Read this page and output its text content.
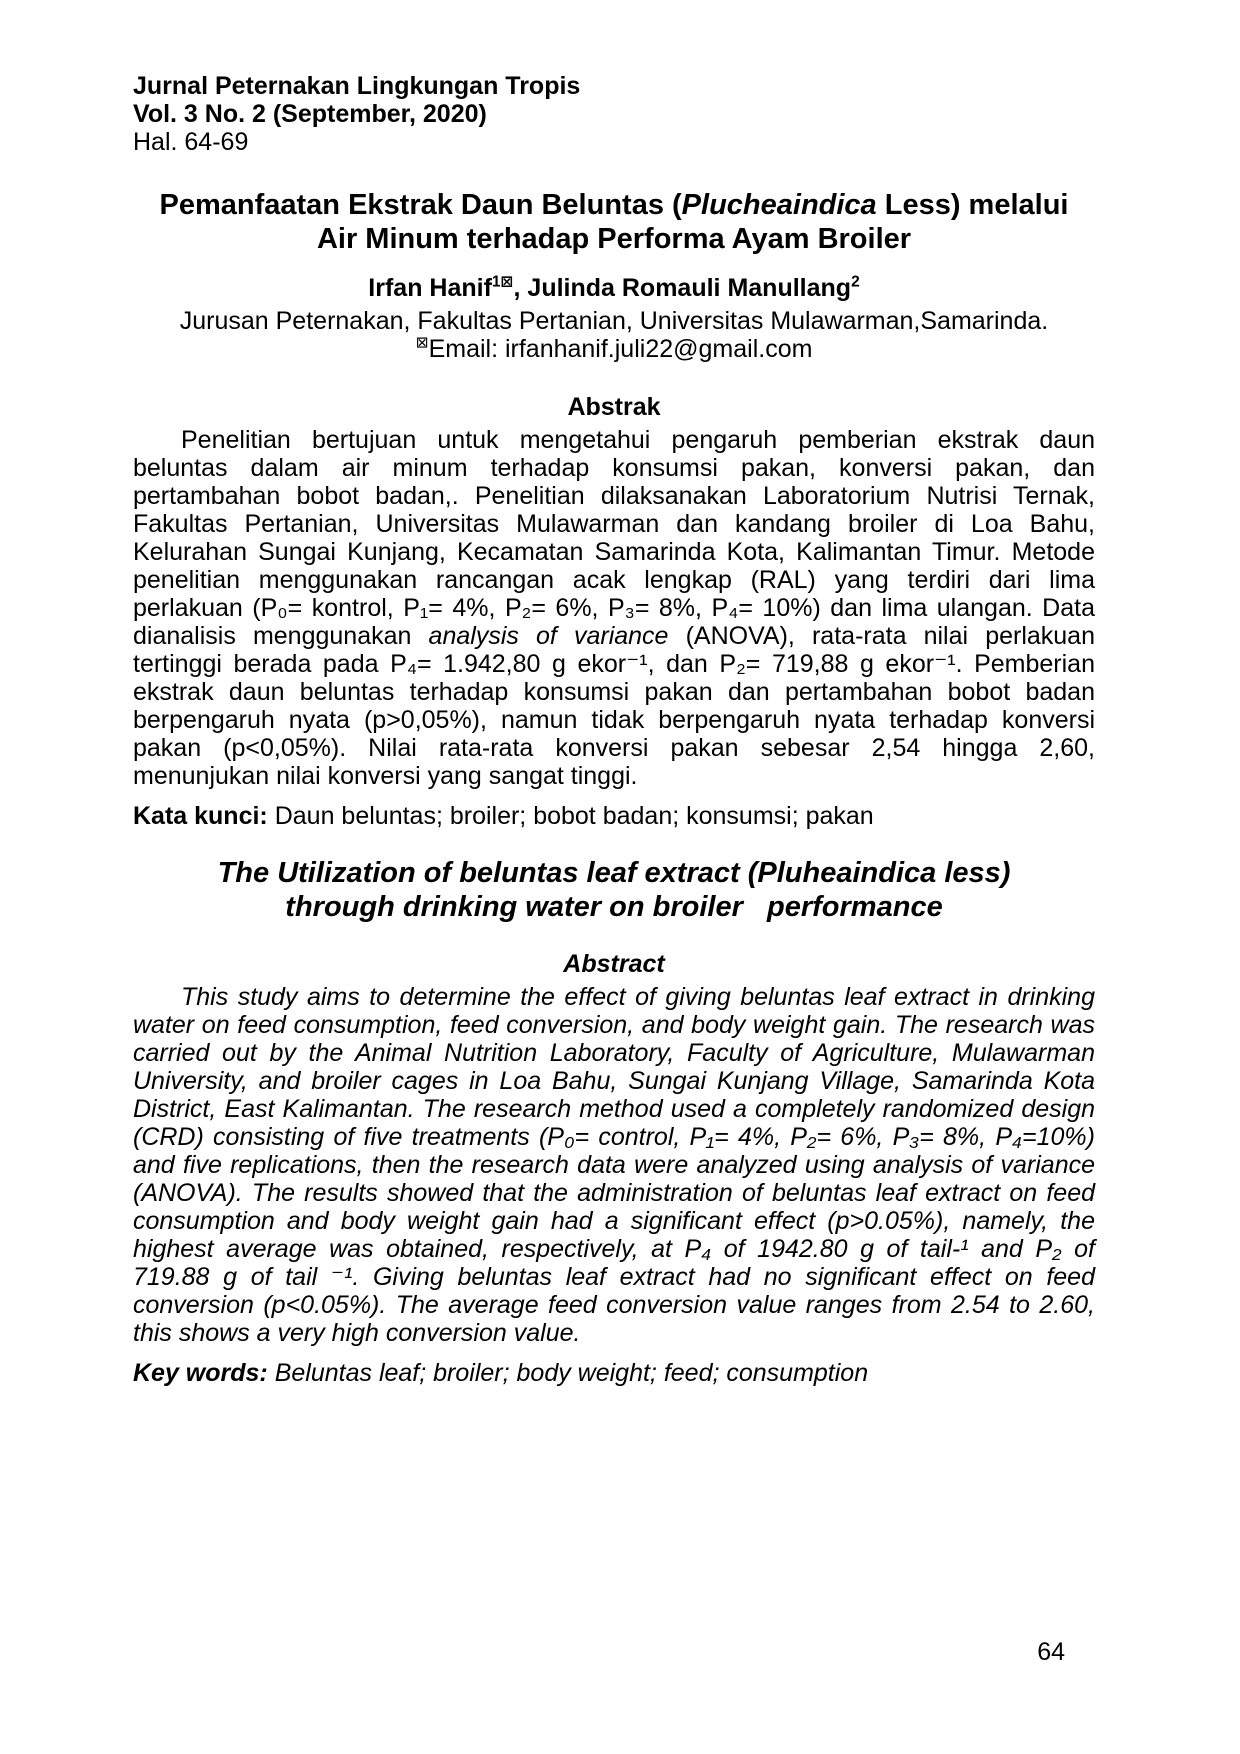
Jurnal Peternakan Lingkungan Tropis
Vol. 3 No. 2 (September, 2020)
Hal. 64-69
Pemanfaatan Ekstrak Daun Beluntas (Plucheaindica Less) melalui Air Minum terhadap Performa Ayam Broiler
Irfan Hanif$^{1⊠}$, Julinda Romauli Manullang$^2$
Jurusan Peternakan, Fakultas Pertanian, Universitas Mulawarman,Samarinda.
⊠Email: irfanhanif.juli22@gmail.com
Abstrak
Penelitian bertujuan untuk mengetahui pengaruh pemberian ekstrak daun beluntas dalam air minum terhadap konsumsi pakan, konversi pakan, dan pertambahan bobot badan,. Penelitian dilaksanakan Laboratorium Nutrisi Ternak, Fakultas Pertanian, Universitas Mulawarman dan kandang broiler di Loa Bahu, Kelurahan Sungai Kunjang, Kecamatan Samarinda Kota, Kalimantan Timur. Metode penelitian menggunakan rancangan acak lengkap (RAL) yang terdiri dari lima perlakuan (P₀= kontrol, P₁= 4%, P₂= 6%, P₃= 8%, P₄= 10%) dan lima ulangan. Data dianalisis menggunakan analysis of variance (ANOVA), rata-rata nilai perlakuan tertinggi berada pada P₄= 1.942,80 g ekor⁻¹, dan P₂= 719,88 g ekor⁻¹. Pemberian ekstrak daun beluntas terhadap konsumsi pakan dan pertambahan bobot badan berpengaruh nyata (p>0,05%), namun tidak berpengaruh nyata terhadap konversi pakan (p<0,05%). Nilai rata-rata konversi pakan sebesar 2,54 hingga 2,60, menunjukan nilai konversi yang sangat tinggi.
Kata kunci: Daun beluntas; broiler; bobot badan; konsumsi; pakan
The Utilization of beluntas leaf extract (Pluheaindica less) through drinking water on broiler   performance
Abstract
This study aims to determine the effect of giving beluntas leaf extract in drinking water on feed consumption, feed conversion, and body weight gain. The research was carried out by the Animal Nutrition Laboratory, Faculty of Agriculture, Mulawarman University, and broiler cages in Loa Bahu, Sungai Kunjang Village, Samarinda Kota District, East Kalimantan. The research method used a completely randomized design (CRD) consisting of five treatments (P₀= control, P₁= 4%, P₂= 6%, P₃= 8%, P₄=10%) and five replications, then the research data were analyzed using analysis of variance (ANOVA). The results showed that the administration of beluntas leaf extract on feed consumption and body weight gain had a significant effect (p>0.05%), namely, the highest average was obtained, respectively, at P₄ of 1942.80 g of tail-¹ and P₂ of 719.88 g of tail ⁻¹. Giving beluntas leaf extract had no significant effect on feed conversion (p<0.05%). The average feed conversion value ranges from 2.54 to 2.60, this shows a very high conversion value.
Key words: Beluntas leaf; broiler; body weight; feed; consumption
64
